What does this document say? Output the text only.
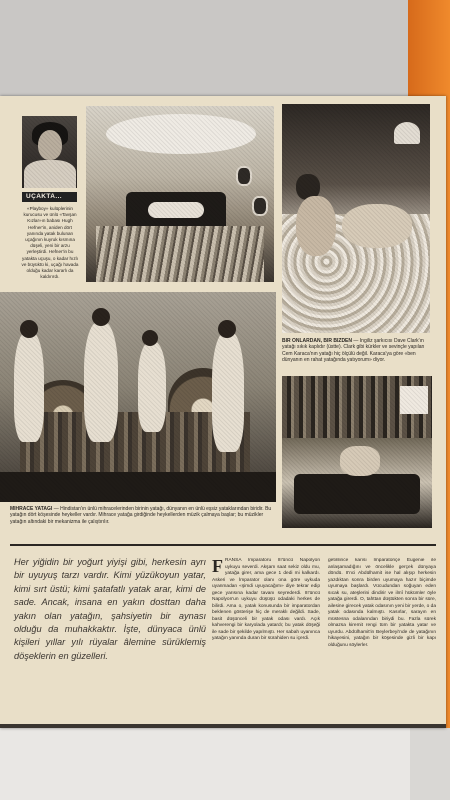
UÇAKTA...
«Playboy» kulüplerinin kurucusu ve ünlü «Tavşan Kızlar»ın babası Hugh Hefner'in, aniden dört yanında yatak bulunan uçağının kuyruk kısmına düşeli, yeni bir arzu yerleştirdi. Hefner'in bu yatakta uçuşu, o kadar hızlı ve büyüktü ki, uçağı havada olduğu kadar kararlı da kaldırırdı.
BİR ONLARDAN, BİR BİZDEN — İngiliz şarkıcısı Dave Clark'ın yatağı sıkık kaplıdır (üstte). Clark gibi kürkler ve sevinçle yapılan Cem Karaca'nın yatağı hiç ölçülü değil. Karaca'ya göre «ben dünyanın en rahat yatağında yatıyorum» diyor.
MİHRACE YATAĞI — Hindistan'ın ünlü mihracelerinden birinin yatağı, dünyanın en ünlü eşsiz yataklarından biridir. Bu yatağın dört köşesinde heykeller vardır. Mihrace yatağa girdiğinde heykellerden müzik çalmaya başlar; bu müzikler yatağın altındaki bir mekanizma ile çalıştırılır.
Her yiğidin bir yoğurt yiyişi gibi, herkesin ayrı bir uyuyuş tarzı vardır. Kimi yüzükoyun yatar, kimi sırt üstü; kimi şatafatlı yatak arar, kimi de sade. Ancak, insana en yakın dosttan daha yakın olan yatağın, şahsiyetin bir aynası olduğu da muhakkaktır. İşte, dünyaca ünlü kişileri yıllar yılı rüyalar âlemine sürüklemiş döşeklerin en güzelleri.
F RANSA İmparatoru III'üncü Napolyon uykuyu severdi. Akşam saat sekiz oldu mu, yatağa girer, ama gece 1 dedi mi kalkardı. Askeri ve İmparator olanı ona göre uykuda uyanmadan «şimdi uyuyacağım» diye tekrar edip gece yarısına kadar tavanı seyrederdi. III'üncü Napolyon'un uykuyu düşüşü odadaki herkes de bilirdi. Ama o, yatak konusunda bir imparatordan beklenen gösterişe hiç de meraklı değildi. Sade, basit düşünceli bir yatak odası vardı. Açık kahverengi bir karyolada yatardı; bu yatak döşeği ile sade bir şekilde yapılmıştı. Her sabah uyanınca yatağın yanında duran bir sürahiden su içerdi.
getirilince karısı İmparatoriçe Eugenie ile anlaşamadığını ve öncelikle gerçek dünyaya döndü. II'nci Abdülhamit ise hal alışıp herkesin yazdıktan sonra birden uyumaya hazır biçimde uyumaya başlardı. Vücudundan soğuyan eden sıcak su, ateşlerini dindirir ve ilmî hükümler öyle yatağa girerdi. O, tahttan düştükten sonra bir süre, ailesine girecek yatak odasının yeni bir yerde, o da yatak odasında kalmıştı. Kasırlar, sarayın en müstesna odalarından biriydi bu. Fazla sürek olmazsa kiremit rengi tüm bir yatakta yatar ve uyurdu. Abdülhamit'in Beylerbeyi'nde de yatağının hikayesini, yatağın bir köşesinde gizli bir kapı olduğunu söylerler.
